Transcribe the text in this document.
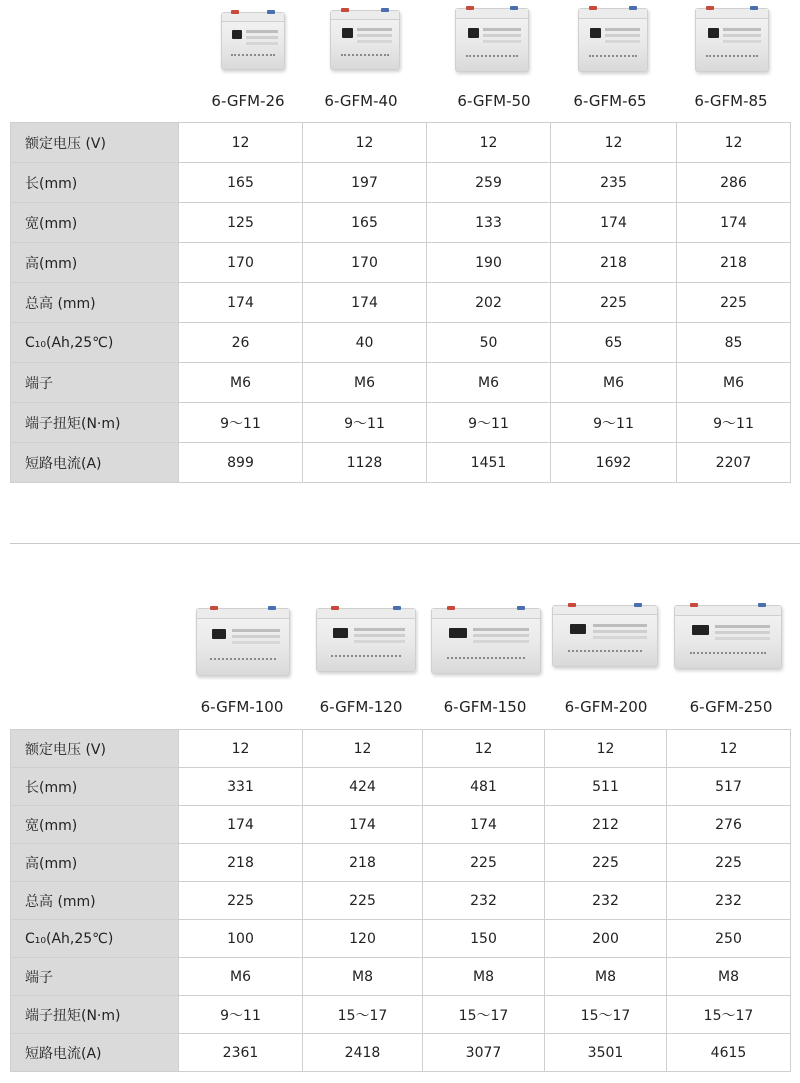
6-GFM-26	6-GFM-40	6-GFM-50	6-GFM-65	6-GFM-85
额定电压 (V)	12	12	12	12	12
长(mm)	165	197	259	235	286
宽(mm)	125	165	133	174	174
高(mm)	170	170	190	218	218
总高 (mm)	174	174	202	225	225
C₁₀(Ah,25℃)	26	40	50	65	85
端子	M6	M6	M6	M6	M6
端子扭矩(N·m)	9～11	9～11	9～11	9～11	9～11
短路电流(A)	899	1128	1451	1692	2207
6-GFM-100 6-GFM-120	6-GFM-150	6-GFM-200	6-GFM-250
额定电压 (V)	12	12	12	12	12
长(mm)	331	424	481	511	517
宽(mm)	174	174	174	212	276
高(mm)	218	218	225	225	225
总高 (mm)	225	225	232	232	232
C₁₀(Ah,25℃)	100	120	150	200	250
端子	M6	M8	M8	M8	M8
端子扭矩(N·m)	9～11	15～17	15～17	15～17	15～17
短路电流(A)	2361	2418	3077	3501	4615
